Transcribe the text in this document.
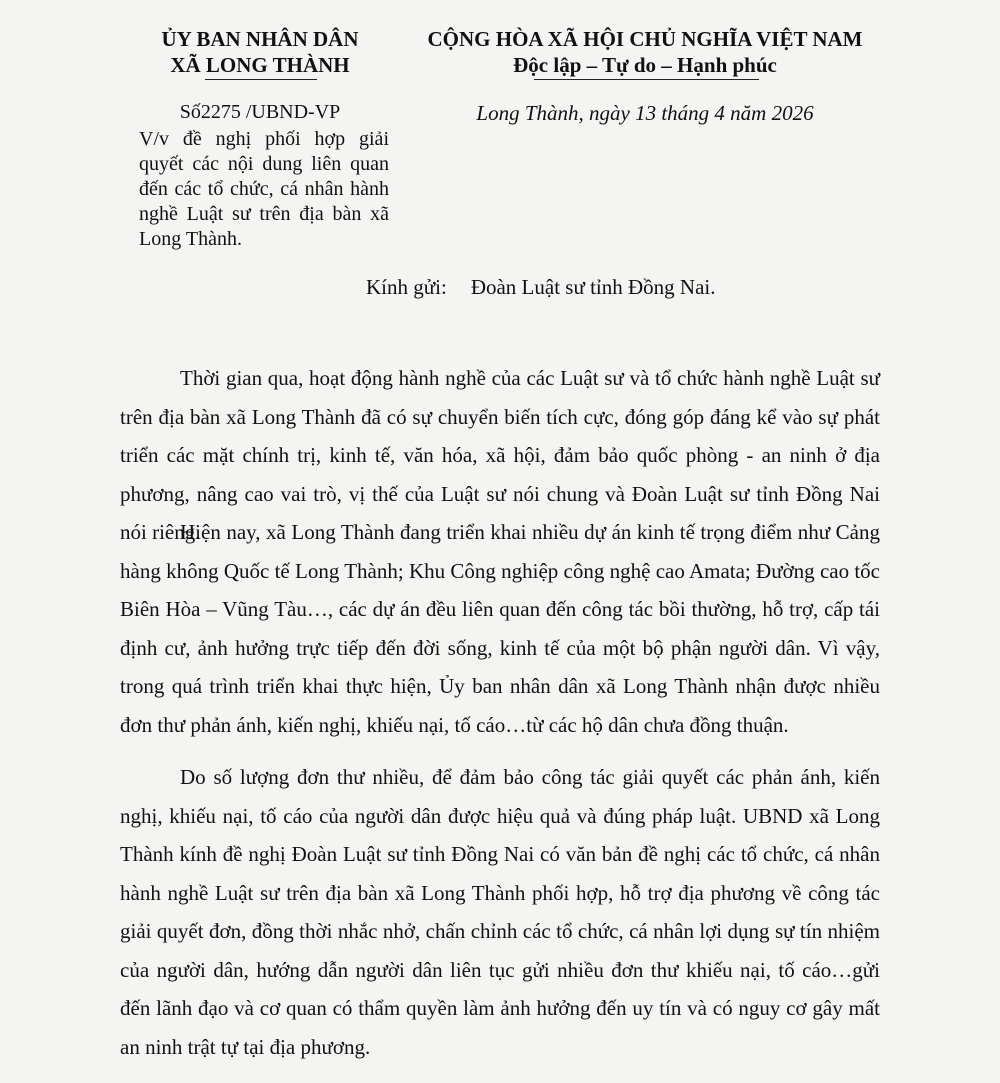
ỦY BAN NHÂN DÂN
XÃ LONG THÀNH
CỘNG HÒA XÃ HỘI CHỦ NGHĨA VIỆT NAM
Độc lập – Tự do – Hạnh phúc
Số2275 /UBND-VP
V/v đề nghị phối hợp giải quyết các nội dung liên quan đến các tổ chức, cá nhân hành nghề Luật sư trên địa bàn xã Long Thành.
Long Thành, ngày 13 tháng 4 năm 2026
Kính gửi: Đoàn Luật sư tỉnh Đồng Nai.
Thời gian qua, hoạt động hành nghề của các Luật sư và tổ chức hành nghề Luật sư trên địa bàn xã Long Thành đã có sự chuyển biến tích cực, đóng góp đáng kể vào sự phát triển các mặt chính trị, kinh tế, văn hóa, xã hội, đảm bảo quốc phòng - an ninh ở địa phương, nâng cao vai trò, vị thế của Luật sư nói chung và Đoàn Luật sư tỉnh Đồng Nai nói riêng.
Hiện nay, xã Long Thành đang triển khai nhiều dự án kinh tế trọng điểm như Cảng hàng không Quốc tế Long Thành; Khu Công nghiệp công nghệ cao Amata; Đường cao tốc Biên Hòa – Vũng Tàu…, các dự án đều liên quan đến công tác bồi thường, hỗ trợ, cấp tái định cư, ảnh hưởng trực tiếp đến đời sống, kinh tế của một bộ phận người dân. Vì vậy, trong quá trình triển khai thực hiện, Ủy ban nhân dân xã Long Thành nhận được nhiều đơn thư phản ánh, kiến nghị, khiếu nại, tố cáo…từ các hộ dân chưa đồng thuận.
Do số lượng đơn thư nhiều, để đảm bảo công tác giải quyết các phản ánh, kiến nghị, khiếu nại, tố cáo của người dân được hiệu quả và đúng pháp luật. UBND xã Long Thành kính đề nghị Đoàn Luật sư tỉnh Đồng Nai có văn bản đề nghị các tổ chức, cá nhân hành nghề Luật sư trên địa bàn xã Long Thành phối hợp, hỗ trợ địa phương về công tác giải quyết đơn, đồng thời nhắc nhở, chấn chỉnh các tổ chức, cá nhân lợi dụng sự tín nhiệm của người dân, hướng dẫn người dân liên tục gửi nhiều đơn thư khiếu nại, tố cáo…gửi đến lãnh đạo và cơ quan có thẩm quyền làm ảnh hưởng đến uy tín và có nguy cơ gây mất an ninh trật tự tại địa phương.
